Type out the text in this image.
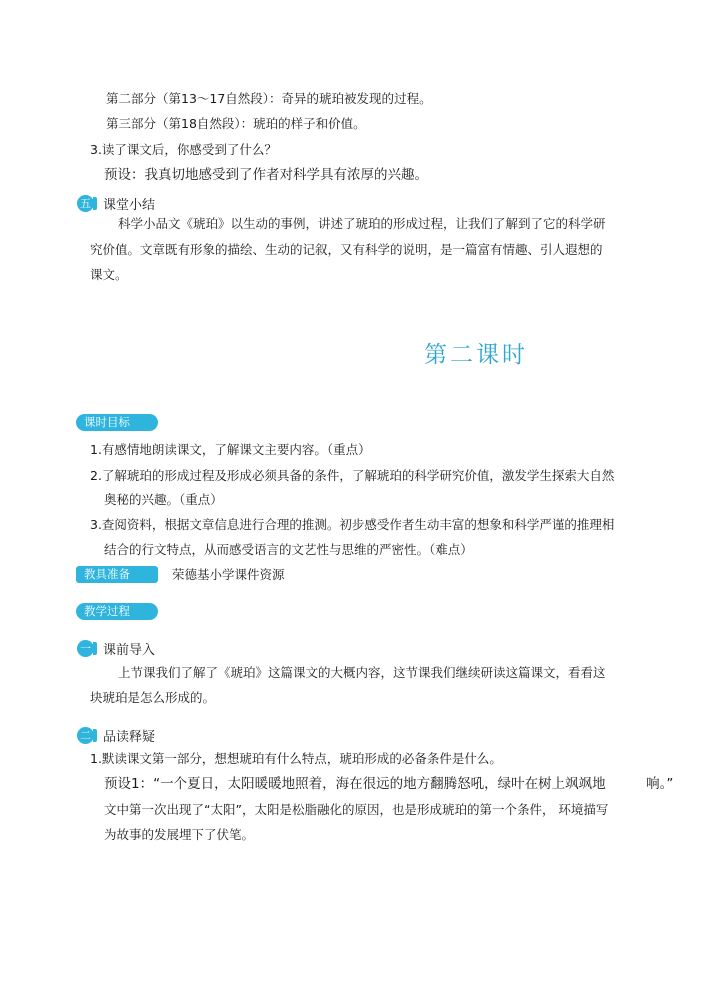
第二部分（第13～17自然段）：奇异的琥珀被发现的过程。
第三部分（第18自然段）：琥珀的样子和价值。
3.读了课文后，你感受到了什么？
预设：我真切地感受到了作者对科学具有浓厚的兴趣。
五 课堂小结
科学小品文《琥珀》以生动的事例，讲述了琥珀的形成过程，让我们了解到了它的科学研
究价值。文章既有形象的描绘、生动的记叙，又有科学的说明，是一篇富有情趣、引人遐想的
课文。
第二课时
课时目标
1.有感情地朗读课文，了解课文主要内容。（重点）
2.了解琥珀的形成过程及形成必须具备的条件，了解琥珀的科学研究价值，激发学生探索大自然
奥秘的兴趣。（重点）
3.查阅资料，根据文章信息进行合理的推测。初步感受作者生动丰富的想象和科学严谨的推理相
结合的行文特点，从而感受语言的文艺性与思维的严密性。（难点）
教具准备	荣德基小学课件资源
教学过程
一 课前导入
上节课我们了解了《琥珀》这篇课文的大概内容，这节课我们继续研读这篇课文，看看这
块琥珀是怎么形成的。
二 品读释疑
1.默读课文第一部分，想想琥珀有什么特点，琥珀形成的必备条件是什么。
预设1：“一个夏日，太阳暖暖地照着，海在很远的地方翻腾怒吼，绿叶在树上飒飒地　　　响。”
文中第一次出现了“太阳”，太阳是松脂融化的原因，也是形成琥珀的第一个条件， 环境描写
为故事的发展埋下了伏笔。
